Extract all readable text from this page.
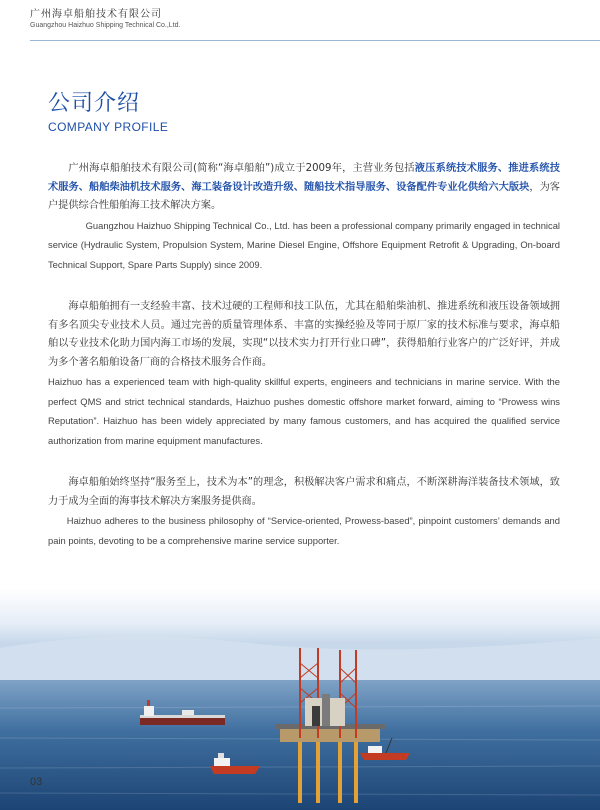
广州海卓船舶技术有限公司
Guangzhou Haizhuo Shipping Technical Co.,Ltd.
公司介绍
COMPANY PROFILE

广州海卓船舶技术有限公司(简称“海卓船舶”)成立于2009年，主营业务包括液压系统技术服务、推进系统技术服务、船舶柴油机技术服务、海工装备设计改造升级、随船技术指导服务、设备配件专业化供给六大版块，为客户提供综合性船舶海工技术解决方案。

Guangzhou Haizhuo Shipping Technical Co., Ltd. has been a professional company primarily engaged in technical service (Hydraulic System, Propulsion System, Marine Diesel Engine, Offshore Equipment Retrofit & Upgrading, On-board Technical Support, Spare Parts Supply) since 2009.

海卓船舶拥有一支经验丰富、技术过硬的工程师和技工队伍，尤其在船舶柴油机、推进系统和液压设备领域拥有多名顶尖专业技术人员。通过完善的质量管理体系、丰富的实操经验及等同于原厂家的技术标准与要求，海卓船舶以专业技术化助力国内海工市场的发展，实现“以技术实力打开行业口碑”，获得船舶行业客户的广泛好评，并成为多个著名船舶设备厂商的合格技术服务合作商。

Haizhuo has a experienced team with high-quality skillful experts, engineers and technicians in marine service. With the perfect QMS and strict technical standards, Haizhuo pushes domestic offshore market forward, aiming to “Prowess wins Reputation”. Haizhuo has been widely appreciated by many famous customers, and has acquired the qualified service authorization from marine equipment manufactures.

海卓船舶始终坚持“服务至上，技术为本”的理念，积极解决客户需求和痛点，不断深耕海洋装备技术领域，致力于成为全面的海事技术解决方案服务提供商。

Haizhuo adheres to the business philosophy of “Service-oriented, Prowess-based”, pinpoint customers’ demands and pain points, devoting to be a comprehensive marine service supporter.

03
